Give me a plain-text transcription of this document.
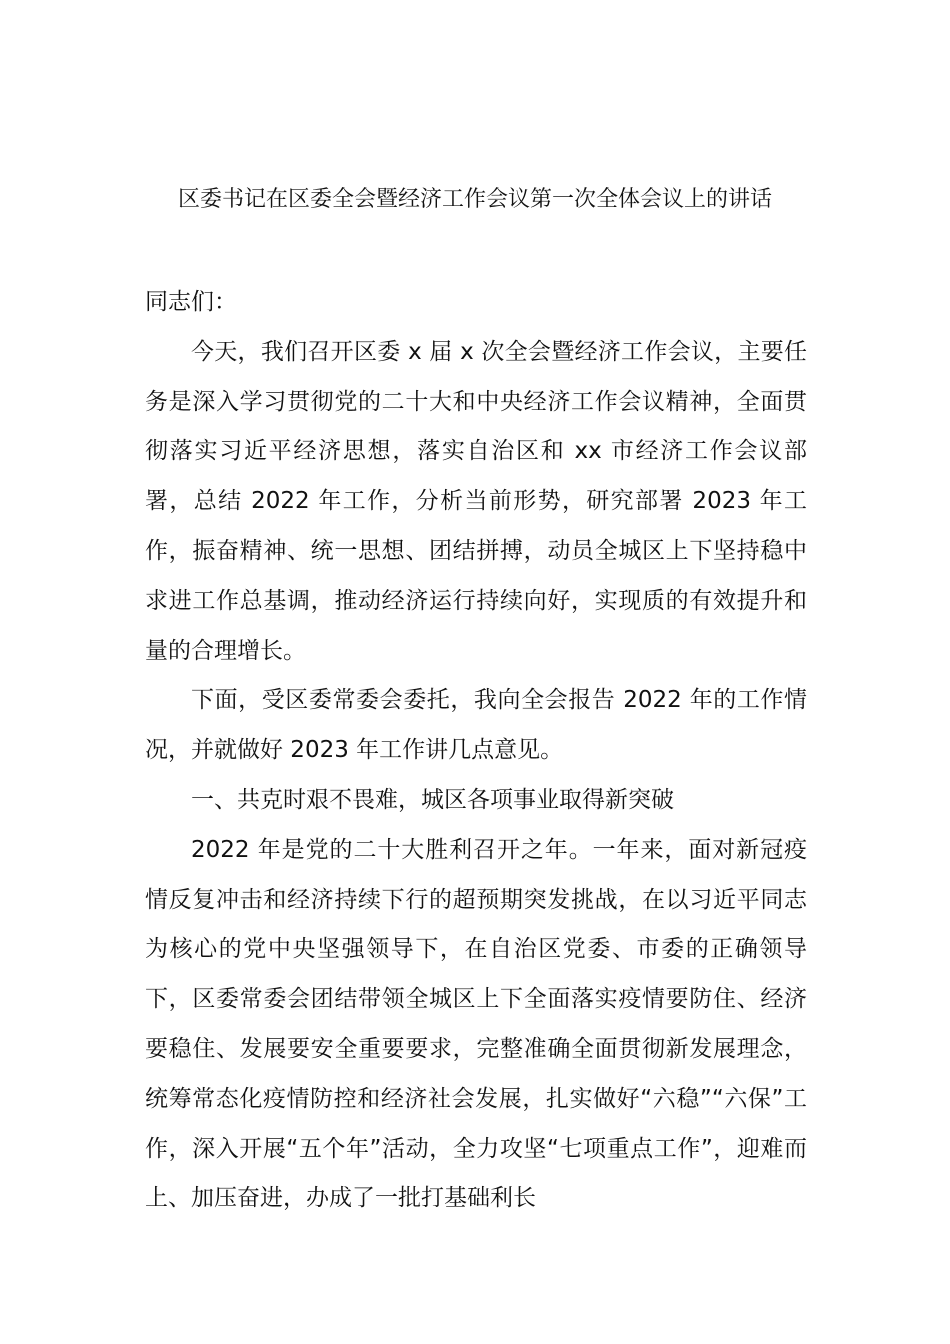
区委书记在区委全会暨经济工作会议第一次全体会议上的讲话

同志们：

今天，我们召开区委 x 届 x 次全会暨经济工作会议，主要任务是深入学习贯彻党的二十大和中央经济工作会议精神，全面贯彻落实习近平经济思想，落实自治区和 xx 市经济工作会议部署，总结 2022 年工作，分析当前形势，研究部署 2023 年工作，振奋精神、统一思想、团结拼搏，动员全城区上下坚持稳中求进工作总基调，推动经济运行持续向好，实现质的有效提升和量的合理增长。

下面，受区委常委会委托，我向全会报告 2022 年的工作情况，并就做好 2023 年工作讲几点意见。

一、共克时艰不畏难，城区各项事业取得新突破

2022 年是党的二十大胜利召开之年。一年来，面对新冠疫情反复冲击和经济持续下行的超预期突发挑战，在以习近平同志为核心的党中央坚强领导下，在自治区党委、市委的正确领导下，区委常委会团结带领全城区上下全面落实疫情要防住、经济要稳住、发展要安全重要要求，完整准确全面贯彻新发展理念，统筹常态化疫情防控和经济社会发展，扎实做好“六稳”“六保”工作，深入开展“五个年”活动，全力攻坚“七项重点工作”，迎难而上、加压奋进，办成了一批打基础利长
